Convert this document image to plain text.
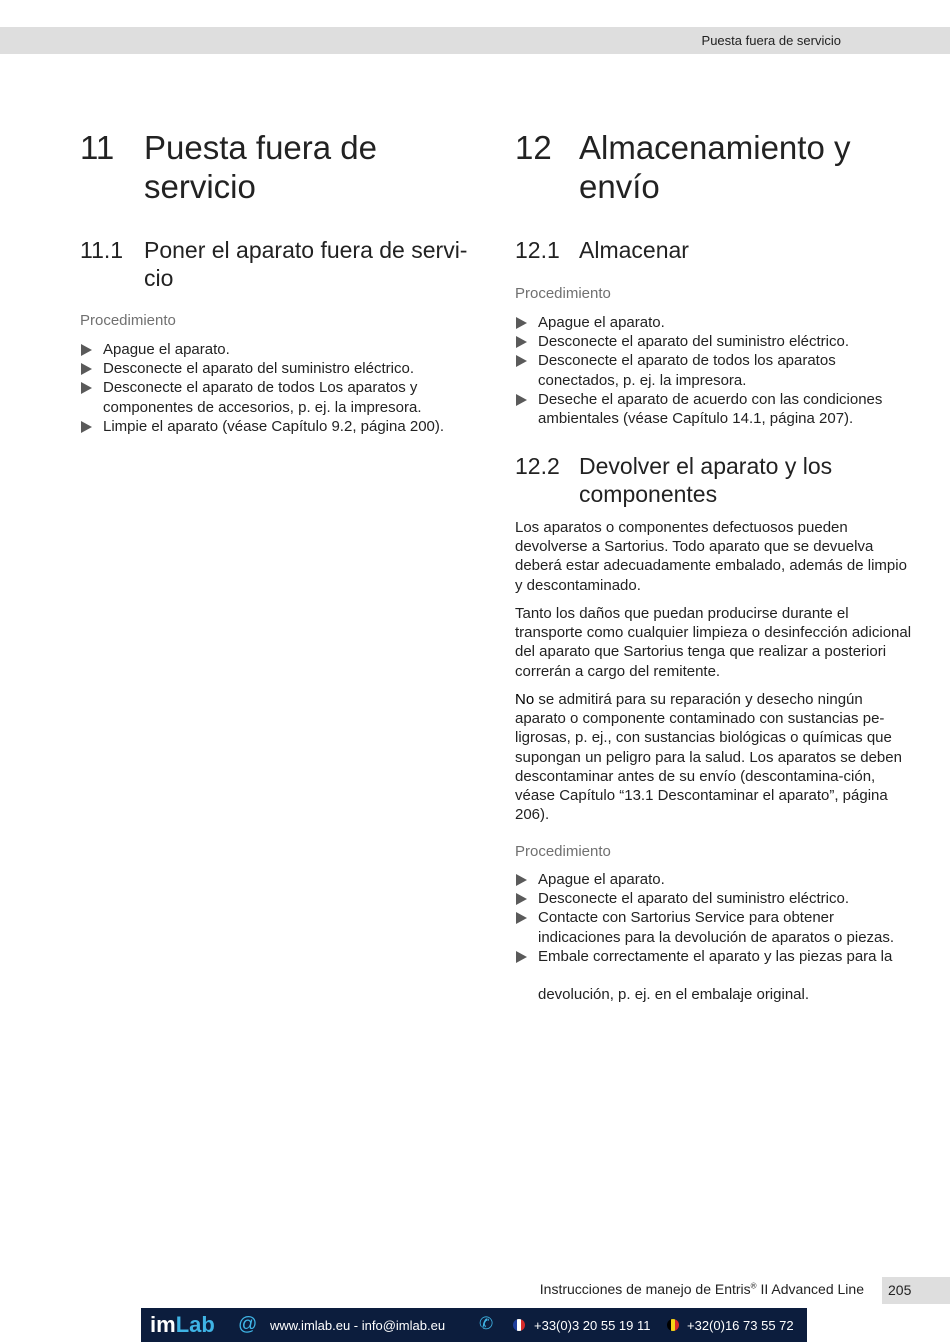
Puesta fuera de servicio
11 Puesta fuera de servicio
11.1 Poner el aparato fuera de servi-cio
Procedimiento
Apague el aparato.
Desconecte el aparato del suministro eléctrico.
Desconecte el aparato de todos Los aparatos y componentes de accesorios, p. ej. la impresora.
Limpie el aparato (véase Capítulo 9.2, página 200).
12 Almacenamiento y envío
12.1 Almacenar
Procedimiento
Apague el aparato.
Desconecte el aparato del suministro eléctrico.
Desconecte el aparato de todos los aparatos conectados, p. ej. la impresora.
Deseche el aparato de acuerdo con las condiciones ambientales (véase Capítulo 14.1, página 207).
12.2 Devolver el aparato y los componentes

Los aparatos o componentes defectuosos pueden devolverse a Sartorius. Todo aparato que se devuelva deberá estar adecuadamente embalado, además de limpio y descontaminado.

Tanto los daños que puedan producirse durante el transporte como cualquier limpieza o desinfección adicional del aparato que Sartorius tenga que realizar a posteriori correrán a cargo del remitente.

No se admitirá para su reparación y desecho ningún aparato o componente contaminado con sustancias pe-ligrosas, p. ej., con sustancias biológicas o químicas que supongan un peligro para la salud. Los aparatos se deben descontaminar antes de su envío (descontamina-ción, véase Capítulo “13.1 Descontaminar el aparato”, página 206).

Procedimiento
Apague el aparato.
Desconecte el aparato del suministro eléctrico.
Contacte con Sartorius Service para obtener indicaciones para la devolución de aparatos o piezas.
Embale correctamente el aparato y las piezas para la
devolución, p. ej. en el embalaje original.
Instrucciones de manejo de Entris® II Advanced Line	205
imLab @ www.imlab.eu - info@imlab.eu ✆	+33(0)3 20 55 19 11	+32(0)16 73 55 72
